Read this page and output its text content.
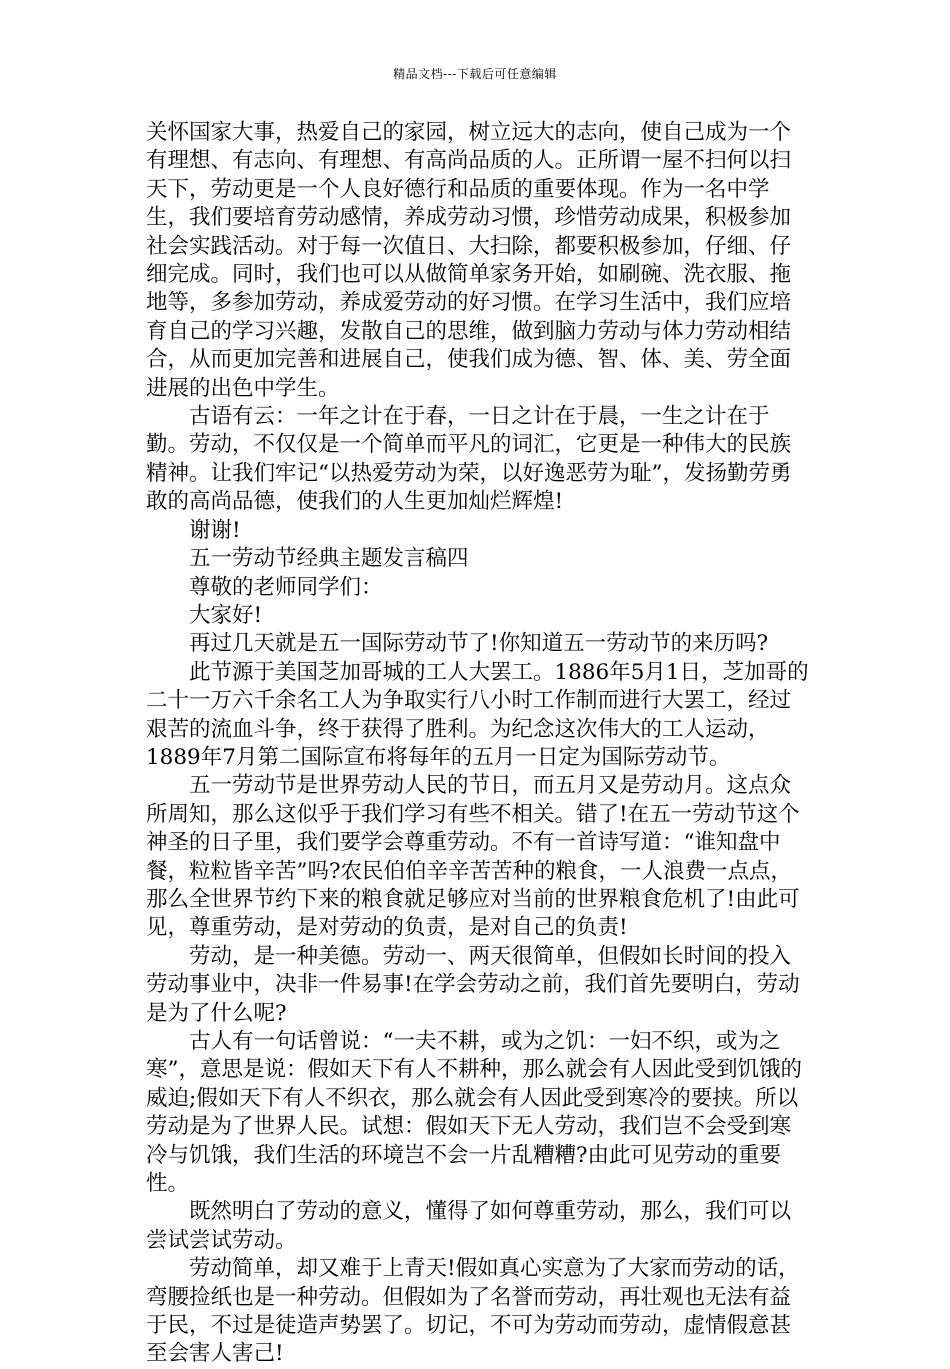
精品文档---下载后可任意编辑

关怀国家大事，热爱自己的家园，树立远大的志向，使自己成为一个有理想、有志向、有理想、有高尚品质的人。正所谓一屋不扫何以扫天下，劳动更是一个人良好德行和品质的重要体现。作为一名中学生，我们要培育劳动感情，养成劳动习惯，珍惜劳动成果，积极参加社会实践活动。对于每一次值日、大扫除，都要积极参加，仔细、仔细完成。同时，我们也可以从做简单家务开始，如刷碗、洗衣服、拖地等，多参加劳动，养成爱劳动的好习惯。在学习生活中，我们应培育自己的学习兴趣，发散自己的思维，做到脑力劳动与体力劳动相结合，从而更加完善和进展自己，使我们成为德、智、体、美、劳全面进展的出色中学生。

古语有云：一年之计在于春，一日之计在于晨，一生之计在于勤。劳动，不仅仅是一个简单而平凡的词汇，它更是一种伟大的民族精神。让我们牢记“以热爱劳动为荣，以好逸恶劳为耻”，发扬勤劳勇敢的高尚品德，使我们的人生更加灿烂辉煌!

谢谢!

五一劳动节经典主题发言稿四

尊敬的老师同学们：

大家好!

再过几天就是五一国际劳动节了!你知道五一劳动节的来历吗?

此节源于美国芝加哥城的工人大罢工。1886年5月1日，芝加哥的二十一万六千余名工人为争取实行八小时工作制而进行大罢工，经过艰苦的流血斗争，终于获得了胜利。为纪念这次伟大的工人运动，1889年7月第二国际宣布将每年的五月一日定为国际劳动节。

五一劳动节是世界劳动人民的节日，而五月又是劳动月。这点众所周知，那么这似乎于我们学习有些不相关。错了!在五一劳动节这个神圣的日子里，我们要学会尊重劳动。不有一首诗写道：“谁知盘中餐，粒粒皆辛苦”吗?农民伯伯辛辛苦苦种的粮食，一人浪费一点点，那么全世界节约下来的粮食就足够应对当前的世界粮食危机了!由此可见，尊重劳动，是对劳动的负责，是对自己的负责!

劳动，是一种美德。劳动一、两天很简单，但假如长时间的投入劳动事业中，决非一件易事!在学会劳动之前，我们首先要明白，劳动是为了什么呢?

古人有一句话曾说：“一夫不耕，或为之饥：一妇不织，或为之寒”，意思是说：假如天下有人不耕种，那么就会有人因此受到饥饿的威迫;假如天下有人不织衣，那么就会有人因此受到寒冷的要挟。所以劳动是为了世界人民。试想：假如天下无人劳动，我们岂不会受到寒冷与饥饿，我们生活的环境岂不会一片乱糟糟?由此可见劳动的重要性。

既然明白了劳动的意义，懂得了如何尊重劳动，那么，我们可以尝试尝试劳动。

劳动简单，却又难于上青天!假如真心实意为了大家而劳动的话，弯腰捡纸也是一种劳动。但假如为了名誉而劳动，再壮观也无法有益于民，不过是徒造声势罢了。切记，不可为劳动而劳动，虚情假意甚至会害人害己!
